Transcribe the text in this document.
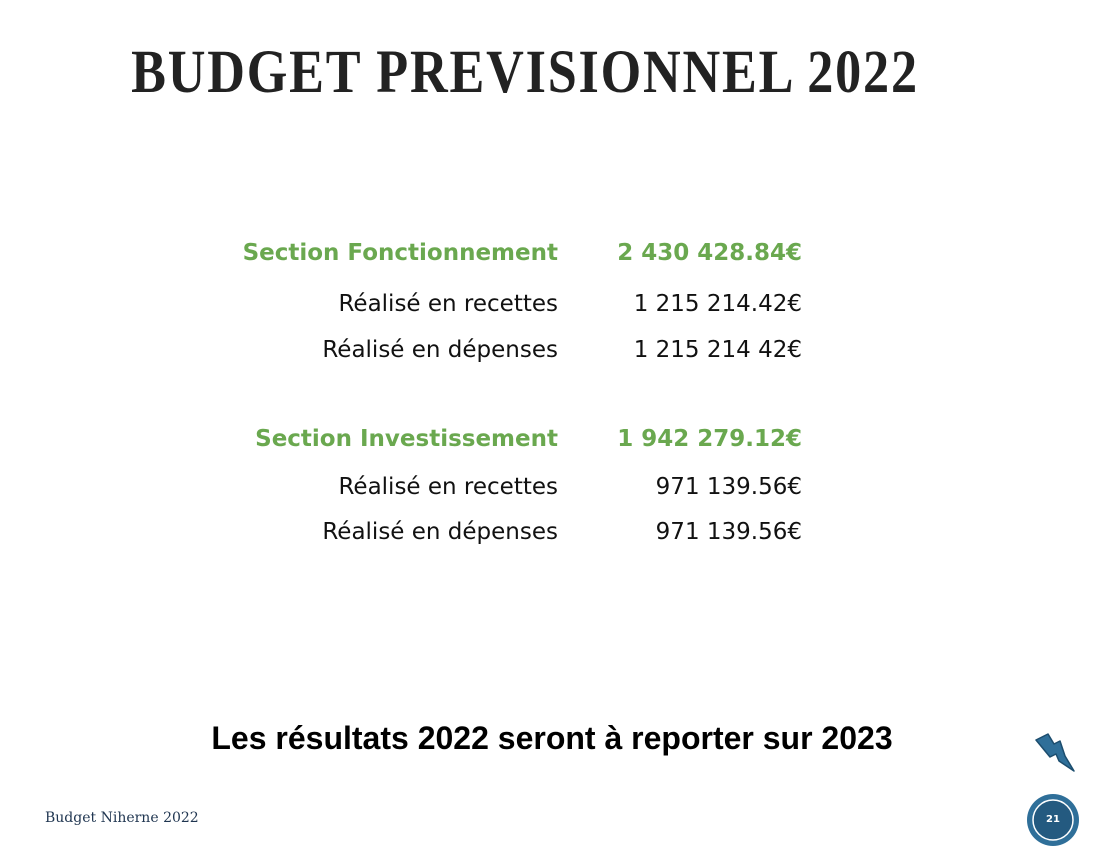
BUDGET PREVISIONNEL 2022
Section Fonctionnement	2 430 428.84€
Réalisé en recettes	1 215 214.42€
Réalisé en dépenses	1 215 214 42€
Section Investissement	1 942 279.12€
Réalisé en recettes	971 139.56€
Réalisé en dépenses	971 139.56€
Les résultats 2022 seront à reporter sur 2023
Budget Niherne 2022	21
